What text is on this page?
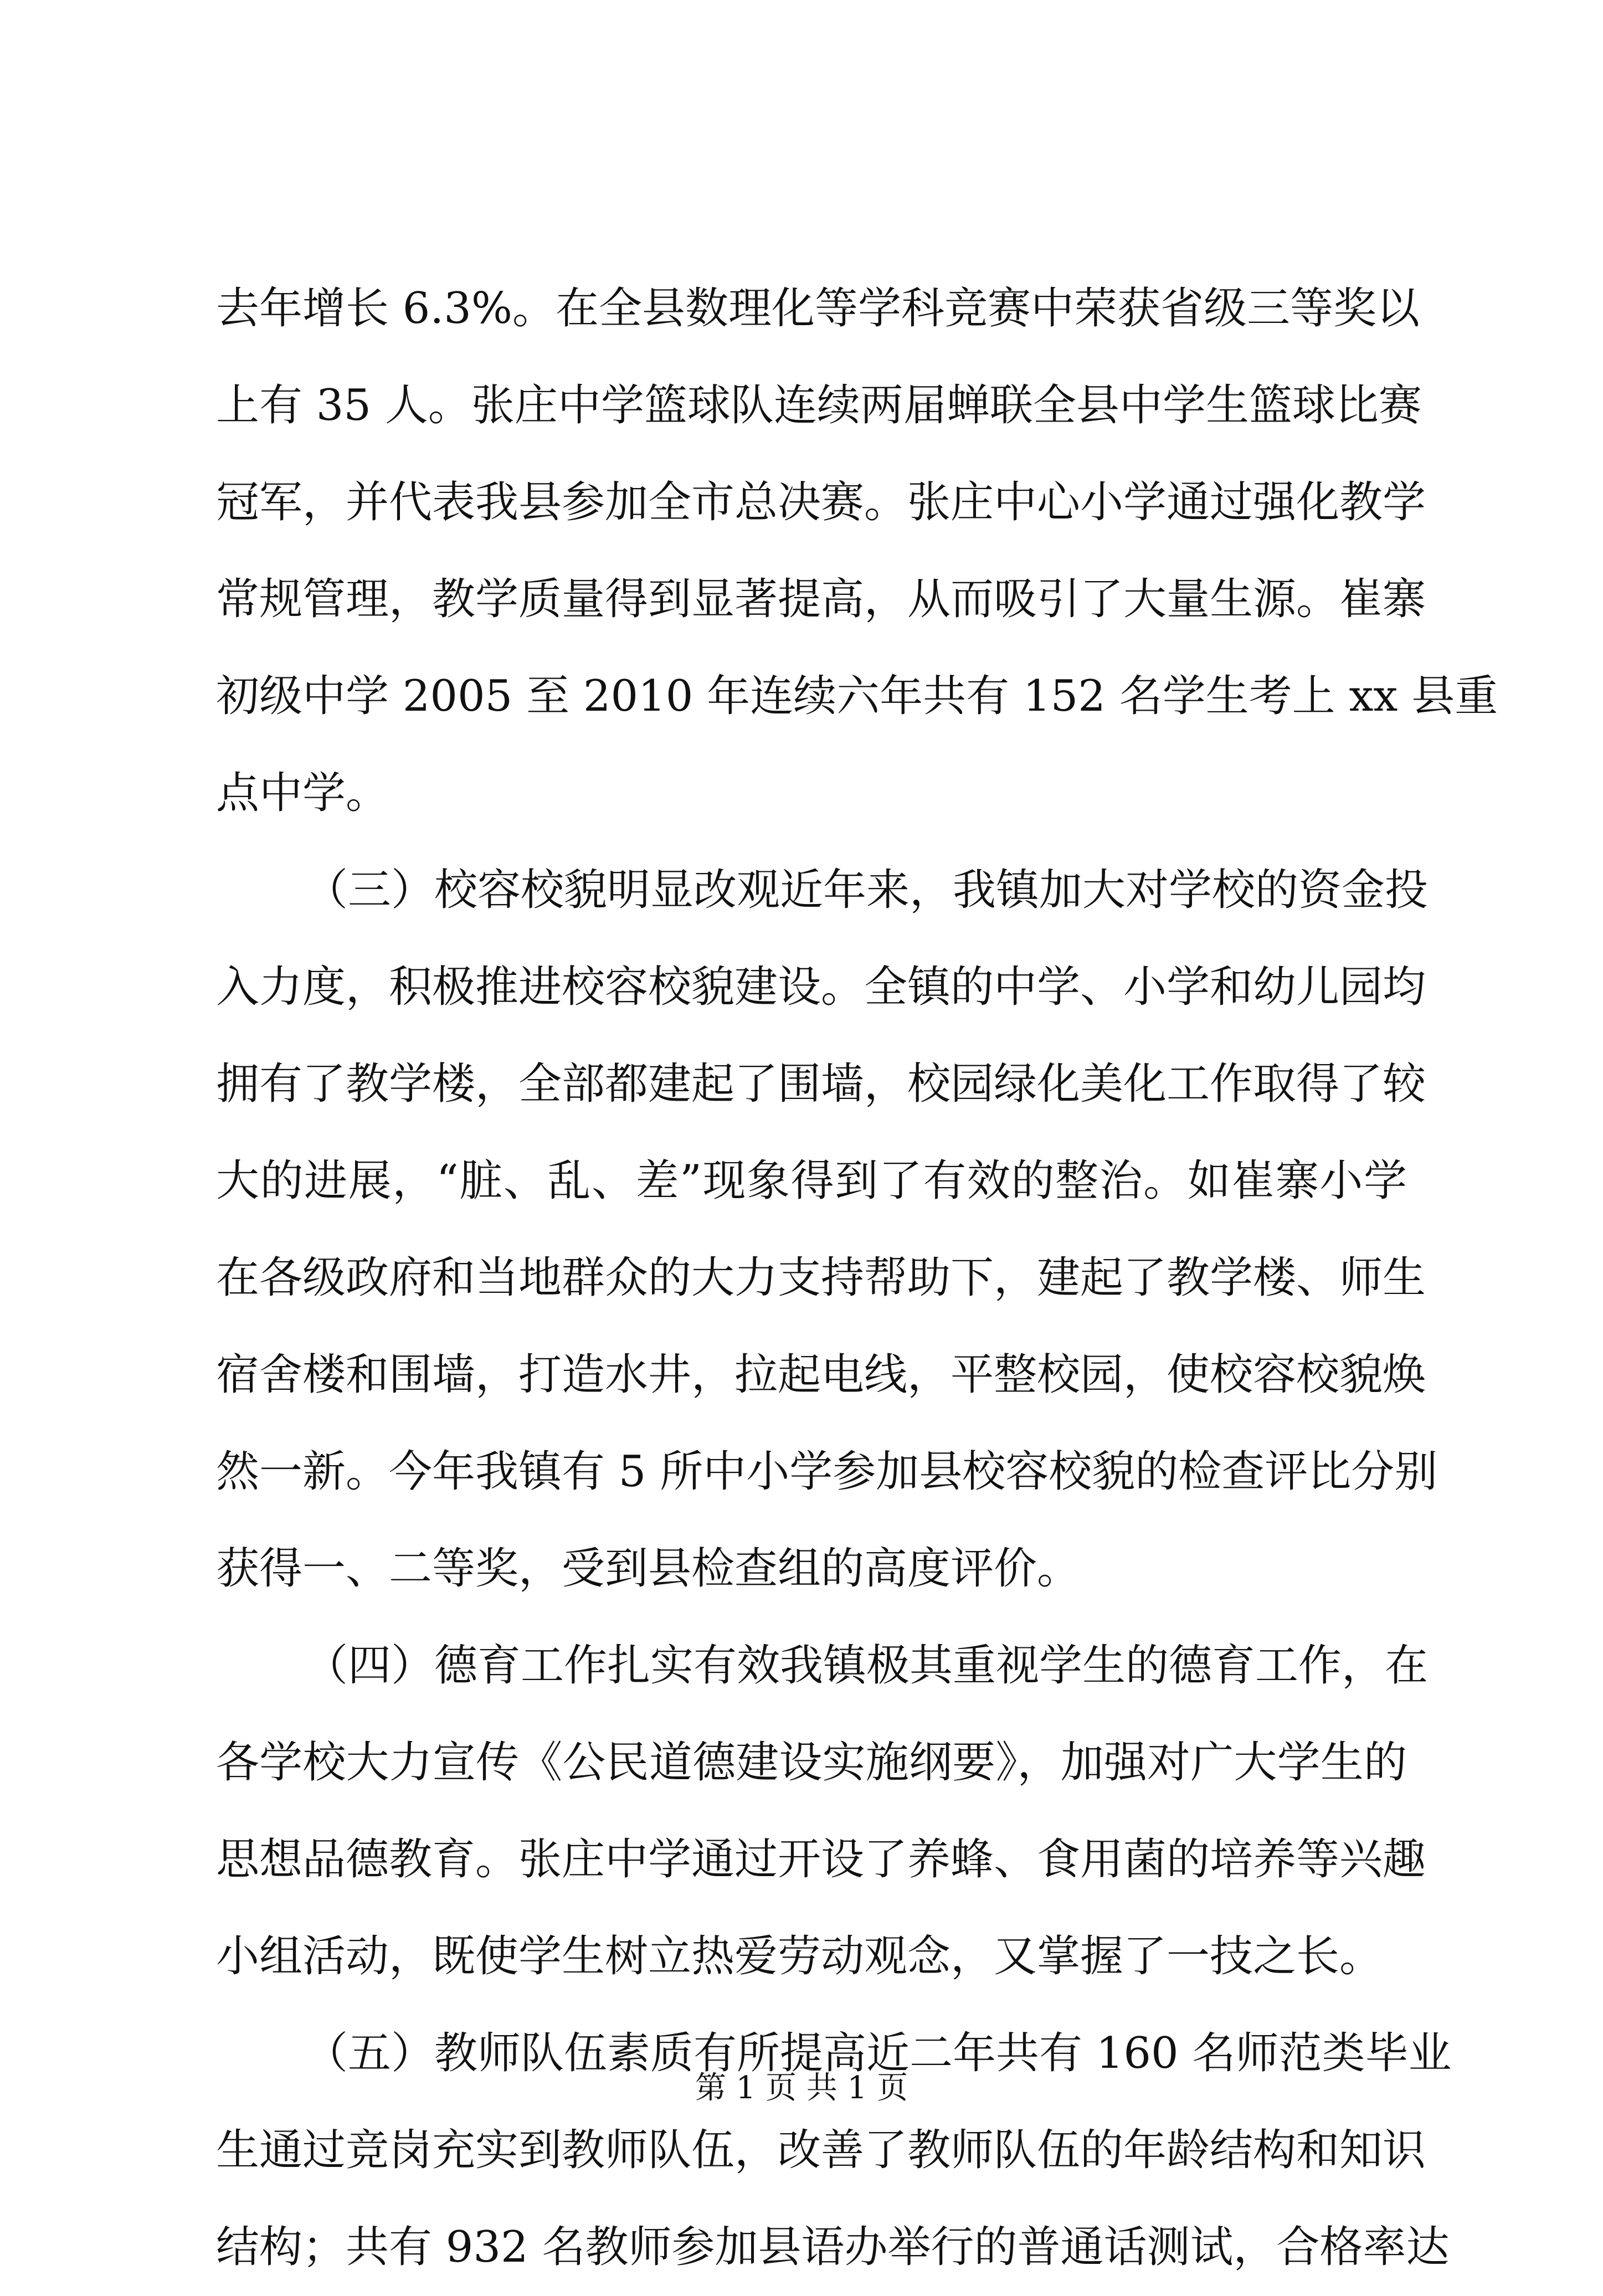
去年增长 6.3%。在全县数理化等学科竞赛中荣获省级三等奖以
上有 35 人。张庄中学篮球队连续两届蝉联全县中学生篮球比赛
冠军，并代表我县参加全市总决赛。张庄中心小学通过强化教学
常规管理，教学质量得到显著提高，从而吸引了大量生源。崔寨
初级中学 2005 至 2010 年连续六年共有 152 名学生考上 xx 县重
点中学。
（三）校容校貌明显改观近年来，我镇加大对学校的资金投
入力度，积极推进校容校貌建设。全镇的中学、小学和幼儿园均
拥有了教学楼，全部都建起了围墙，校园绿化美化工作取得了较
大的进展，“脏、乱、差”现象得到了有效的整治。如崔寨小学
在各级政府和当地群众的大力支持帮助下，建起了教学楼、师生
宿舍楼和围墙，打造水井，拉起电线，平整校园，使校容校貌焕
然一新。今年我镇有 5 所中小学参加县校容校貌的检查评比分别
获得一、二等奖，受到县检查组的高度评价。
（四）德育工作扎实有效我镇极其重视学生的德育工作，在
各学校大力宣传《公民道德建设实施纲要》，加强对广大学生的
思想品德教育。张庄中学通过开设了养蜂、食用菌的培养等兴趣
小组活动，既使学生树立热爱劳动观念，又掌握了一技之长。
（五）教师队伍素质有所提高近二年共有 160 名师范类毕业
生通过竞岗充实到教师队伍，改善了教师队伍的年龄结构和知识
结构；共有 932 名教师参加县语办举行的普通话测试，合格率达
第 1 页 共 1 页
